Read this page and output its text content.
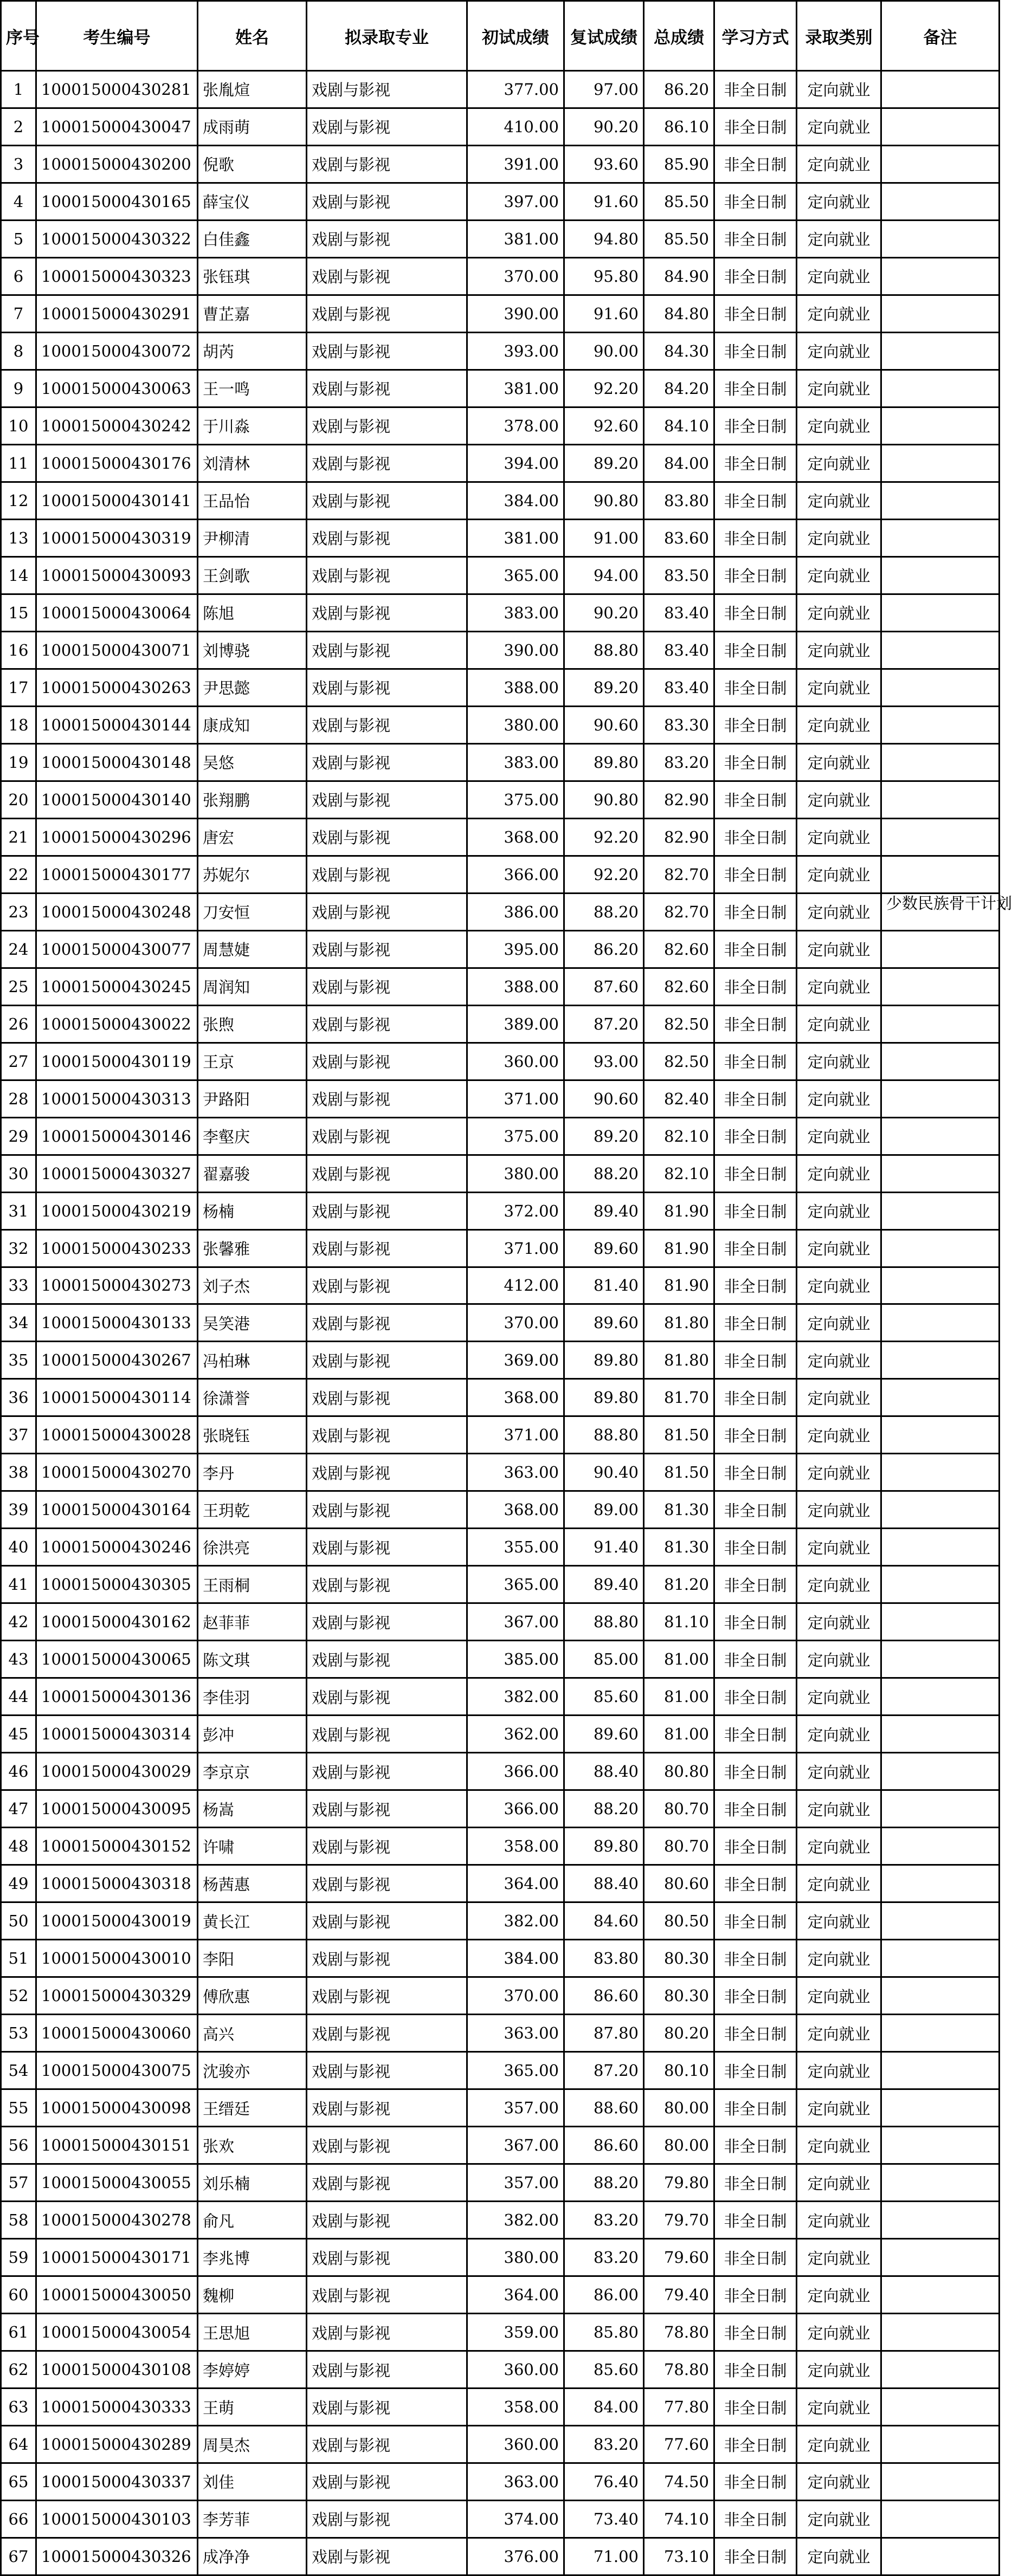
序号	考生编号	姓名	拟录取专业	初试成绩	复试成绩	总成绩	学习方式	录取类别	备注
1	100015000430281	张胤煊	戏剧与影视	377.00	97.00	86.20	非全日制	定向就业	
2	100015000430047	成雨萌	戏剧与影视	410.00	90.20	86.10	非全日制	定向就业	
3	100015000430200	倪歌	戏剧与影视	391.00	93.60	85.90	非全日制	定向就业	
4	100015000430165	薛宝仪	戏剧与影视	397.00	91.60	85.50	非全日制	定向就业	
5	100015000430322	白佳鑫	戏剧与影视	381.00	94.80	85.50	非全日制	定向就业	
6	100015000430323	张钰琪	戏剧与影视	370.00	95.80	84.90	非全日制	定向就业	
7	100015000430291	曹芷嘉	戏剧与影视	390.00	91.60	84.80	非全日制	定向就业	
8	100015000430072	胡芮	戏剧与影视	393.00	90.00	84.30	非全日制	定向就业	
9	100015000430063	王一鸣	戏剧与影视	381.00	92.20	84.20	非全日制	定向就业	
10	100015000430242	于川淼	戏剧与影视	378.00	92.60	84.10	非全日制	定向就业	
11	100015000430176	刘清林	戏剧与影视	394.00	89.20	84.00	非全日制	定向就业	
12	100015000430141	王品怡	戏剧与影视	384.00	90.80	83.80	非全日制	定向就业	
13	100015000430319	尹柳清	戏剧与影视	381.00	91.00	83.60	非全日制	定向就业	
14	100015000430093	王剑歌	戏剧与影视	365.00	94.00	83.50	非全日制	定向就业	
15	100015000430064	陈旭	戏剧与影视	383.00	90.20	83.40	非全日制	定向就业	
16	100015000430071	刘博骁	戏剧与影视	390.00	88.80	83.40	非全日制	定向就业	
17	100015000430263	尹思懿	戏剧与影视	388.00	89.20	83.40	非全日制	定向就业	
18	100015000430144	康成知	戏剧与影视	380.00	90.60	83.30	非全日制	定向就业	
19	100015000430148	吴悠	戏剧与影视	383.00	89.80	83.20	非全日制	定向就业	
20	100015000430140	张翔鹏	戏剧与影视	375.00	90.80	82.90	非全日制	定向就业	
21	100015000430296	唐宏	戏剧与影视	368.00	92.20	82.90	非全日制	定向就业	
22	100015000430177	苏妮尔	戏剧与影视	366.00	92.20	82.70	非全日制	定向就业	
23	100015000430248	刀安恒	戏剧与影视	386.00	88.20	82.70	非全日制	定向就业	少数民族骨干计划
24	100015000430077	周慧婕	戏剧与影视	395.00	86.20	82.60	非全日制	定向就业	
25	100015000430245	周润知	戏剧与影视	388.00	87.60	82.60	非全日制	定向就业	
26	100015000430022	张煦	戏剧与影视	389.00	87.20	82.50	非全日制	定向就业	
27	100015000430119	王京	戏剧与影视	360.00	93.00	82.50	非全日制	定向就业	
28	100015000430313	尹路阳	戏剧与影视	371.00	90.60	82.40	非全日制	定向就业	
29	100015000430146	李壑庆	戏剧与影视	375.00	89.20	82.10	非全日制	定向就业	
30	100015000430327	翟嘉骏	戏剧与影视	380.00	88.20	82.10	非全日制	定向就业	
31	100015000430219	杨楠	戏剧与影视	372.00	89.40	81.90	非全日制	定向就业	
32	100015000430233	张馨雅	戏剧与影视	371.00	89.60	81.90	非全日制	定向就业	
33	100015000430273	刘子杰	戏剧与影视	412.00	81.40	81.90	非全日制	定向就业	
34	100015000430133	吴笑港	戏剧与影视	370.00	89.60	81.80	非全日制	定向就业	
35	100015000430267	冯柏琳	戏剧与影视	369.00	89.80	81.80	非全日制	定向就业	
36	100015000430114	徐潇誉	戏剧与影视	368.00	89.80	81.70	非全日制	定向就业	
37	100015000430028	张晓钰	戏剧与影视	371.00	88.80	81.50	非全日制	定向就业	
38	100015000430270	李丹	戏剧与影视	363.00	90.40	81.50	非全日制	定向就业	
39	100015000430164	王玥乾	戏剧与影视	368.00	89.00	81.30	非全日制	定向就业	
40	100015000430246	徐洪亮	戏剧与影视	355.00	91.40	81.30	非全日制	定向就业	
41	100015000430305	王雨桐	戏剧与影视	365.00	89.40	81.20	非全日制	定向就业	
42	100015000430162	赵菲菲	戏剧与影视	367.00	88.80	81.10	非全日制	定向就业	
43	100015000430065	陈文琪	戏剧与影视	385.00	85.00	81.00	非全日制	定向就业	
44	100015000430136	李佳羽	戏剧与影视	382.00	85.60	81.00	非全日制	定向就业	
45	100015000430314	彭冲	戏剧与影视	362.00	89.60	81.00	非全日制	定向就业	
46	100015000430029	李京京	戏剧与影视	366.00	88.40	80.80	非全日制	定向就业	
47	100015000430095	杨嵩	戏剧与影视	366.00	88.20	80.70	非全日制	定向就业	
48	100015000430152	许啸	戏剧与影视	358.00	89.80	80.70	非全日制	定向就业	
49	100015000430318	杨茜惠	戏剧与影视	364.00	88.40	80.60	非全日制	定向就业	
50	100015000430019	黄长江	戏剧与影视	382.00	84.60	80.50	非全日制	定向就业	
51	100015000430010	李阳	戏剧与影视	384.00	83.80	80.30	非全日制	定向就业	
52	100015000430329	傅欣惠	戏剧与影视	370.00	86.60	80.30	非全日制	定向就业	
53	100015000430060	高兴	戏剧与影视	363.00	87.80	80.20	非全日制	定向就业	
54	100015000430075	沈骏亦	戏剧与影视	365.00	87.20	80.10	非全日制	定向就业	
55	100015000430098	王缙廷	戏剧与影视	357.00	88.60	80.00	非全日制	定向就业	
56	100015000430151	张欢	戏剧与影视	367.00	86.60	80.00	非全日制	定向就业	
57	100015000430055	刘乐楠	戏剧与影视	357.00	88.20	79.80	非全日制	定向就业	
58	100015000430278	俞凡	戏剧与影视	382.00	83.20	79.70	非全日制	定向就业	
59	100015000430171	李兆博	戏剧与影视	380.00	83.20	79.60	非全日制	定向就业	
60	100015000430050	魏柳	戏剧与影视	364.00	86.00	79.40	非全日制	定向就业	
61	100015000430054	王思旭	戏剧与影视	359.00	85.80	78.80	非全日制	定向就业	
62	100015000430108	李婷婷	戏剧与影视	360.00	85.60	78.80	非全日制	定向就业	
63	100015000430333	王萌	戏剧与影视	358.00	84.00	77.80	非全日制	定向就业	
64	100015000430289	周昊杰	戏剧与影视	360.00	83.20	77.60	非全日制	定向就业	
65	100015000430337	刘佳	戏剧与影视	363.00	76.40	74.50	非全日制	定向就业	
66	100015000430103	李芳菲	戏剧与影视	374.00	73.40	74.10	非全日制	定向就业	
67	100015000430326	成净净	戏剧与影视	376.00	71.00	73.10	非全日制	定向就业	
